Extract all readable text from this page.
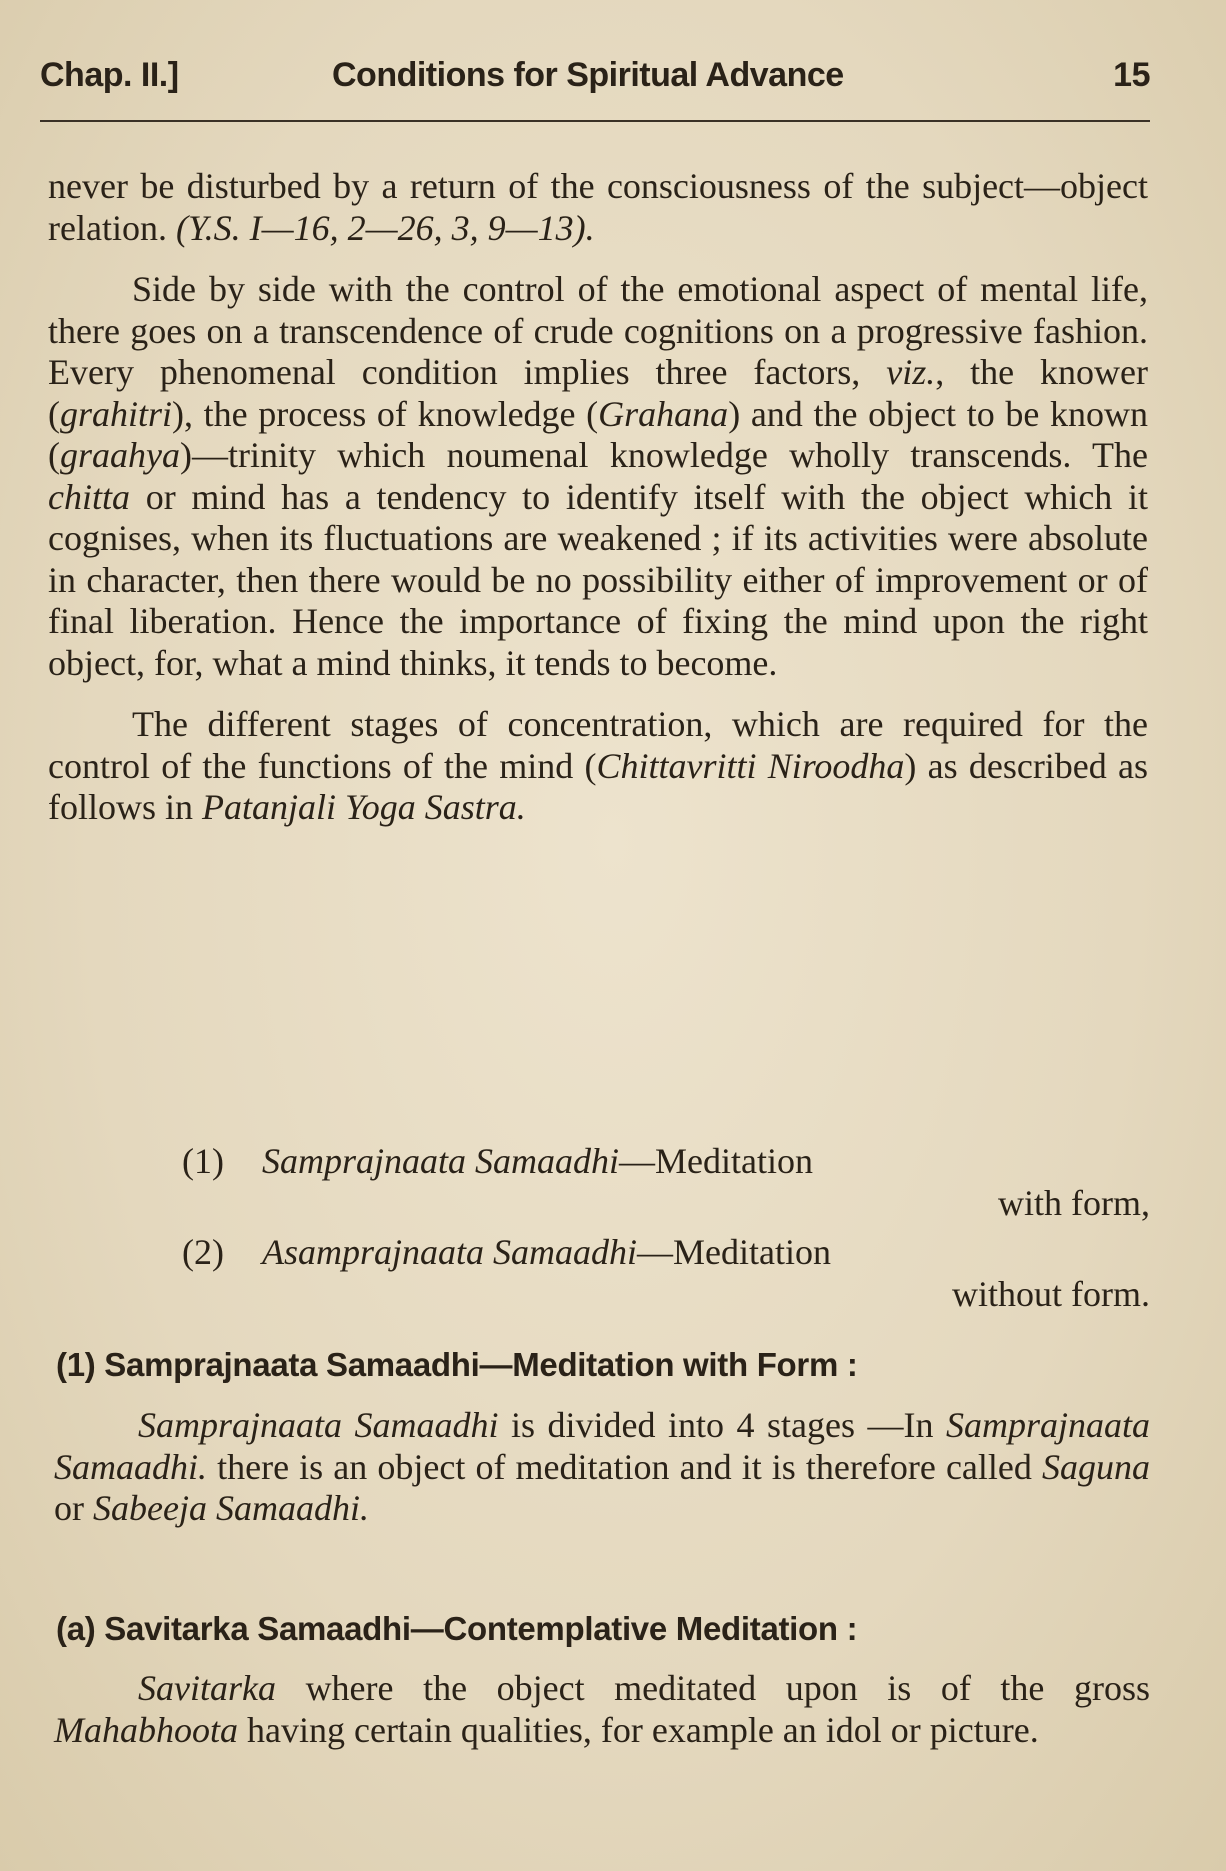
Chap. II.]	Conditions for Spiritual Advance	15

never be disturbed by a return of the consciousness of the subject—object relation. (Y.S. I—16, 2—26, 3, 9—13).

Side by side with the control of the emotional aspect of mental life, there goes on a transcendence of crude cognitions on a progressive fashion. Every phenomenal condition implies three factors, viz., the knower (grahitri), the process of knowledge (Grahana) and the object to be known (graahya)—trinity which noumenal knowledge wholly transcends. The chitta or mind has a tendency to identify itself with the object which it cognises, when its fluctuations are weakened ; if its activities were absolute in character, then there would be no possibility either of improvement or of final liberation. Hence the importance of fixing the mind upon the right object, for, what a mind thinks, it tends to become.

The different stages of concentration, which are required for the control of the functions of the mind (Chittavritti Niroodha) as described as follows in Patanjali Yoga Sastra.

(1) Samprajnaata Samaadhi—Meditation
with form,
(2) Asamprajnaata Samaadhi—Meditation
without form.
(1) Samprajnaata Samaadhi—Meditation with Form :

Samprajnaata Samaadhi is divided into 4 stages —In Samprajnaata Samaadhi. there is an object of meditation and it is therefore called Saguna or Sabeeja Samaadhi.

(a) Savitarka Samaadhi—Contemplative Meditation :

Savitarka where the object meditated upon is of the gross Mahabhoota having certain qualities, for example an idol or picture.
